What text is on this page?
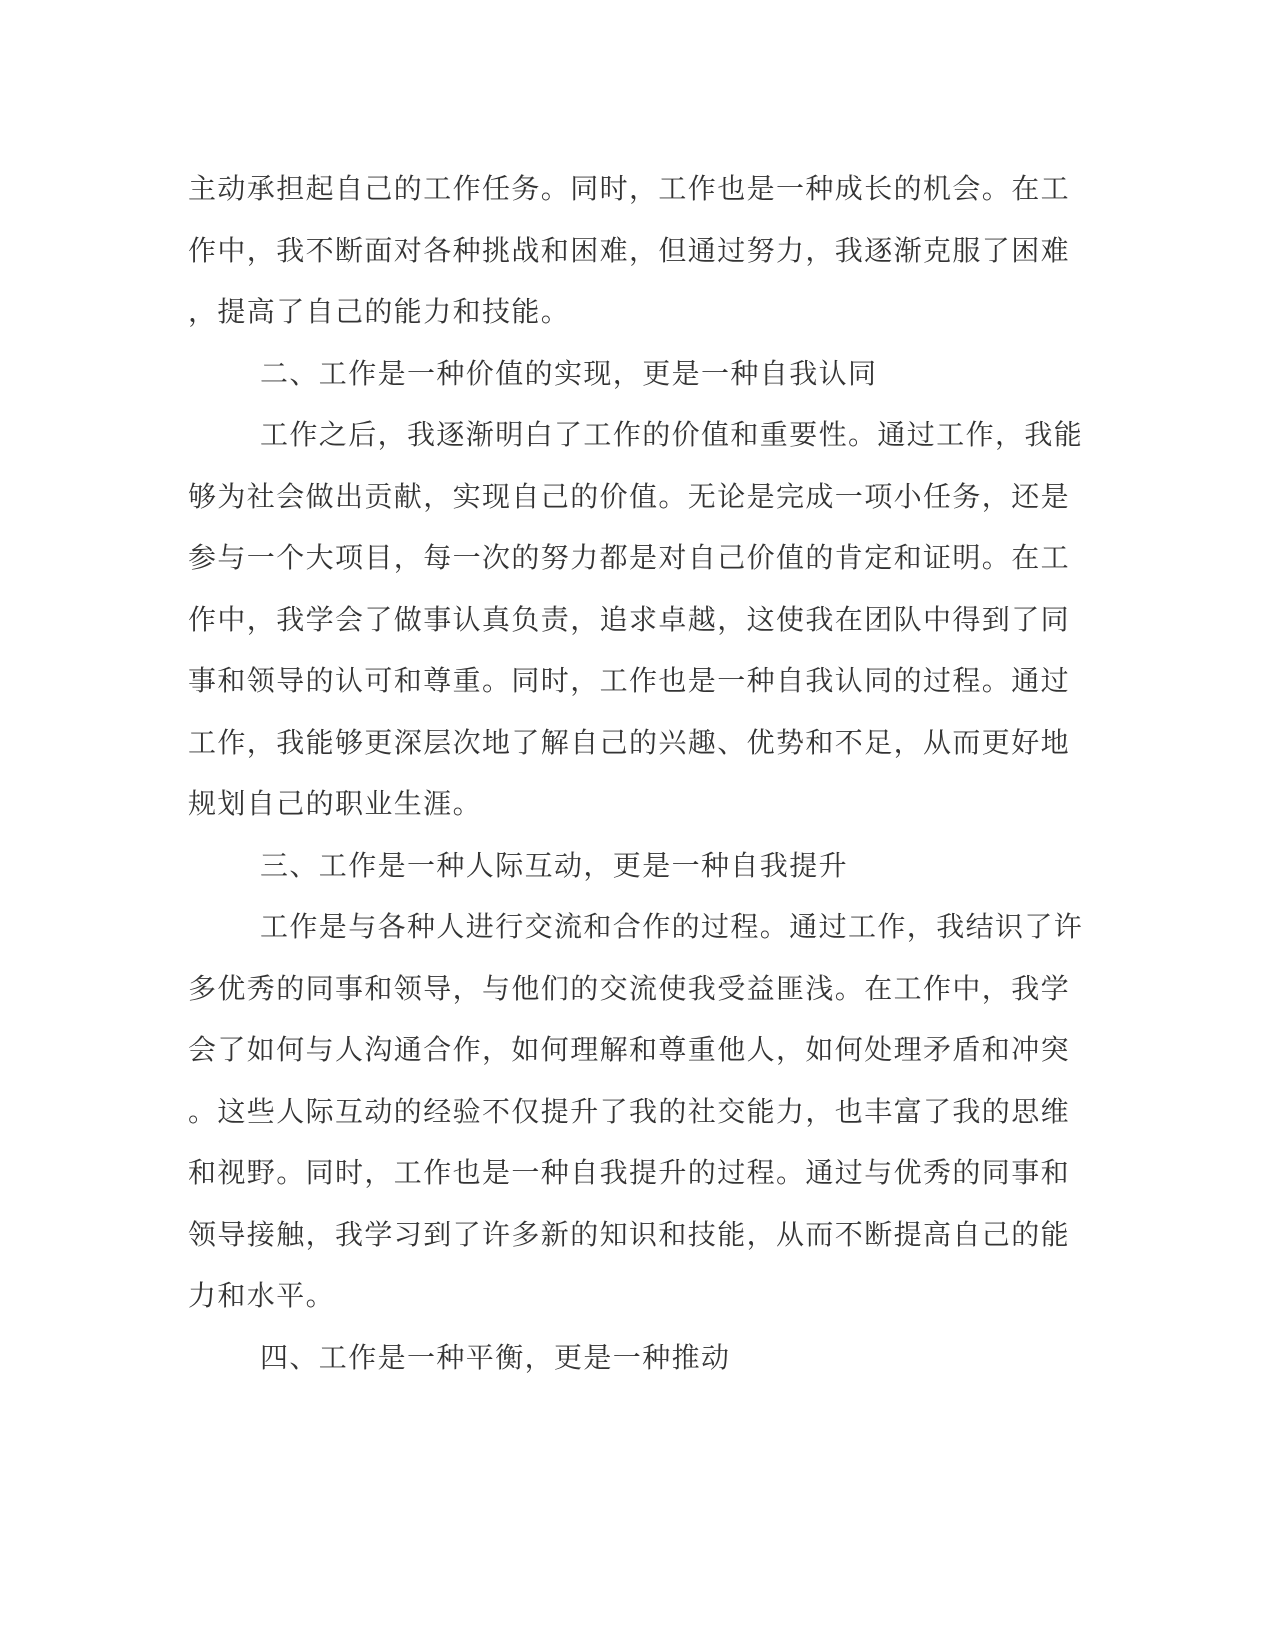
主动承担起自己的工作任务。同时，工作也是一种成长的机会。在工
作中，我不断面对各种挑战和困难，但通过努力，我逐渐克服了困难
，提高了自己的能力和技能。
二、工作是一种价值的实现，更是一种自我认同
工作之后，我逐渐明白了工作的价值和重要性。通过工作，我能
够为社会做出贡献，实现自己的价值。无论是完成一项小任务，还是
参与一个大项目，每一次的努力都是对自己价值的肯定和证明。在工
作中，我学会了做事认真负责，追求卓越，这使我在团队中得到了同
事和领导的认可和尊重。同时，工作也是一种自我认同的过程。通过
工作，我能够更深层次地了解自己的兴趣、优势和不足，从而更好地
规划自己的职业生涯。
三、工作是一种人际互动，更是一种自我提升
工作是与各种人进行交流和合作的过程。通过工作，我结识了许
多优秀的同事和领导，与他们的交流使我受益匪浅。在工作中，我学
会了如何与人沟通合作，如何理解和尊重他人，如何处理矛盾和冲突
。这些人际互动的经验不仅提升了我的社交能力，也丰富了我的思维
和视野。同时，工作也是一种自我提升的过程。通过与优秀的同事和
领导接触，我学习到了许多新的知识和技能，从而不断提高自己的能
力和水平。
四、工作是一种平衡，更是一种推动
